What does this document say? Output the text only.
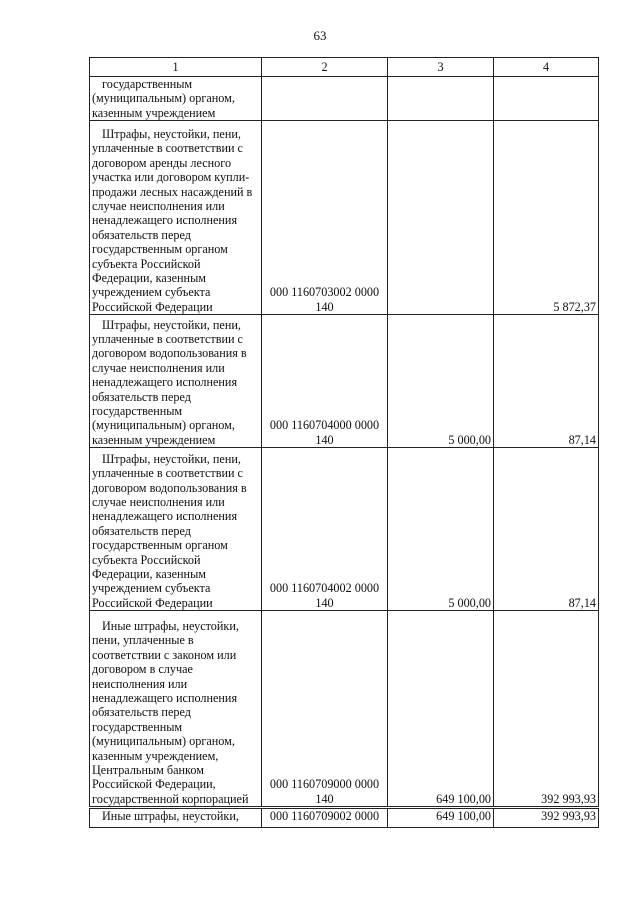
63
1	2	3	4
государственным (муниципальным) органом, казенным учреждением			
Штрафы, неустойки, пени, уплаченные в соответствии с договором аренды лесного участка или договором купли-продажи лесных насаждений в случае неисполнения или ненадлежащего исполнения обязательств перед государственным органом субъекта Российской Федерации, казенным учреждением субъекта Российской Федерации	000 1160703002 0000 140		5 872,37
Штрафы, неустойки, пени, уплаченные в соответствии с договором водопользования в случае неисполнения или ненадлежащего исполнения обязательств перед государственным (муниципальным) органом, казенным учреждением	000 1160704000 0000 140	5 000,00	87,14
Штрафы, неустойки, пени, уплаченные в соответствии с договором водопользования в случае неисполнения или ненадлежащего исполнения обязательств перед государственным органом субъекта Российской Федерации, казенным учреждением субъекта Российской Федерации	000 1160704002 0000 140	5 000,00	87,14
Иные штрафы, неустойки, пени, уплаченные в соответствии с законом или договором в случае неисполнения или ненадлежащего исполнения обязательств перед государственным (муниципальным) органом, казенным учреждением, Центральным банком Российской Федерации, государственной корпорацией	000 1160709000 0000 140	649 100,00	392 993,93
Иные штрафы, неустойки,	000 1160709002 0000	649 100,00	392 993,93
